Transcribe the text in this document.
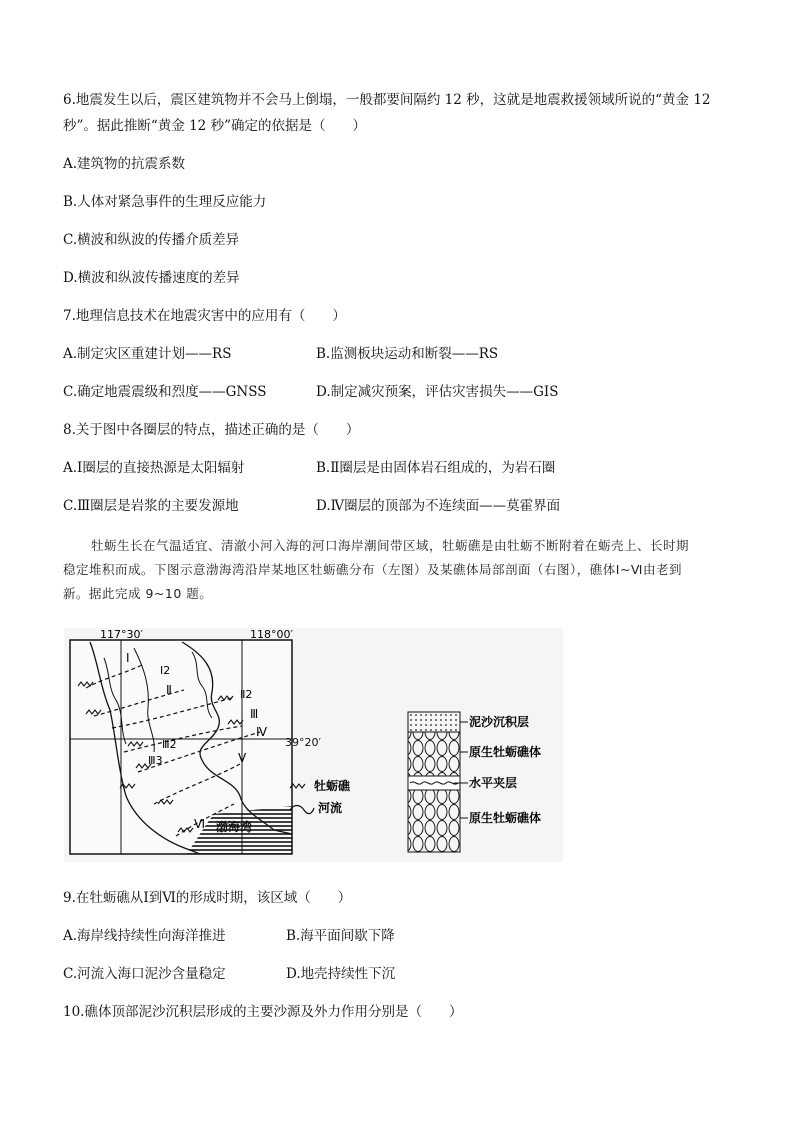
6.地震发生以后，震区建筑物并不会马上倒塌，一般都要间隔约 12 秒，这就是地震救援领域所说的“黄金 12
秒”。据此推断“黄金 12 秒”确定的依据是（　　）
A.建筑物的抗震系数
B.人体对紧急事件的生理反应能力
C.横波和纵波的传播介质差异
D.横波和纵波传播速度的差异
7.地理信息技术在地震灾害中的应用有（　　）
A.制定灾区重建计划——RS	B.监测板块运动和断裂——RS
C.确定地震震级和烈度——GNSS	D.制定减灾预案，评估灾害损失——GIS
8.关于图中各圈层的特点，描述正确的是（　　）
A.Ⅰ圈层的直接热源是太阳辐射	B.Ⅱ圈层是由固体岩石组成的，为岩石圈
C.Ⅲ圈层是岩浆的主要发源地	D.Ⅳ圈层的顶部为不连续面——莫霍界面

牡蛎生长在气温适宜、清澈小河入海的河口海岸潮间带区域，牡蛎礁是由牡蛎不断附着在蛎壳上、长时期

稳定堆积而成。下图示意渤海湾沿岸某地区牡蛎礁分布（左图）及某礁体局部剖面（右图），礁体Ⅰ~Ⅵ由老到
新。据此完成 9~10 题。
117°30′	118°00′
39°20′
Ⅰ
Ⅰ2
Ⅱ	Ⅱ2
Ⅲ
Ⅲ2
Ⅲ3
Ⅳ
Ⅴ
Ⅵ 渤海湾
牡蛎礁
河流
泥沙沉积层
原生牡蛎礁体
水平夹层
原生牡蛎礁体
9.在牡蛎礁从Ⅰ到Ⅵ的形成时期，该区域（　　）
A.海岸线持续性向海洋推进	B.海平面间歇下降
C.河流入海口泥沙含量稳定	D.地壳持续性下沉
10.礁体顶部泥沙沉积层形成的主要沙源及外力作用分别是（　　）
